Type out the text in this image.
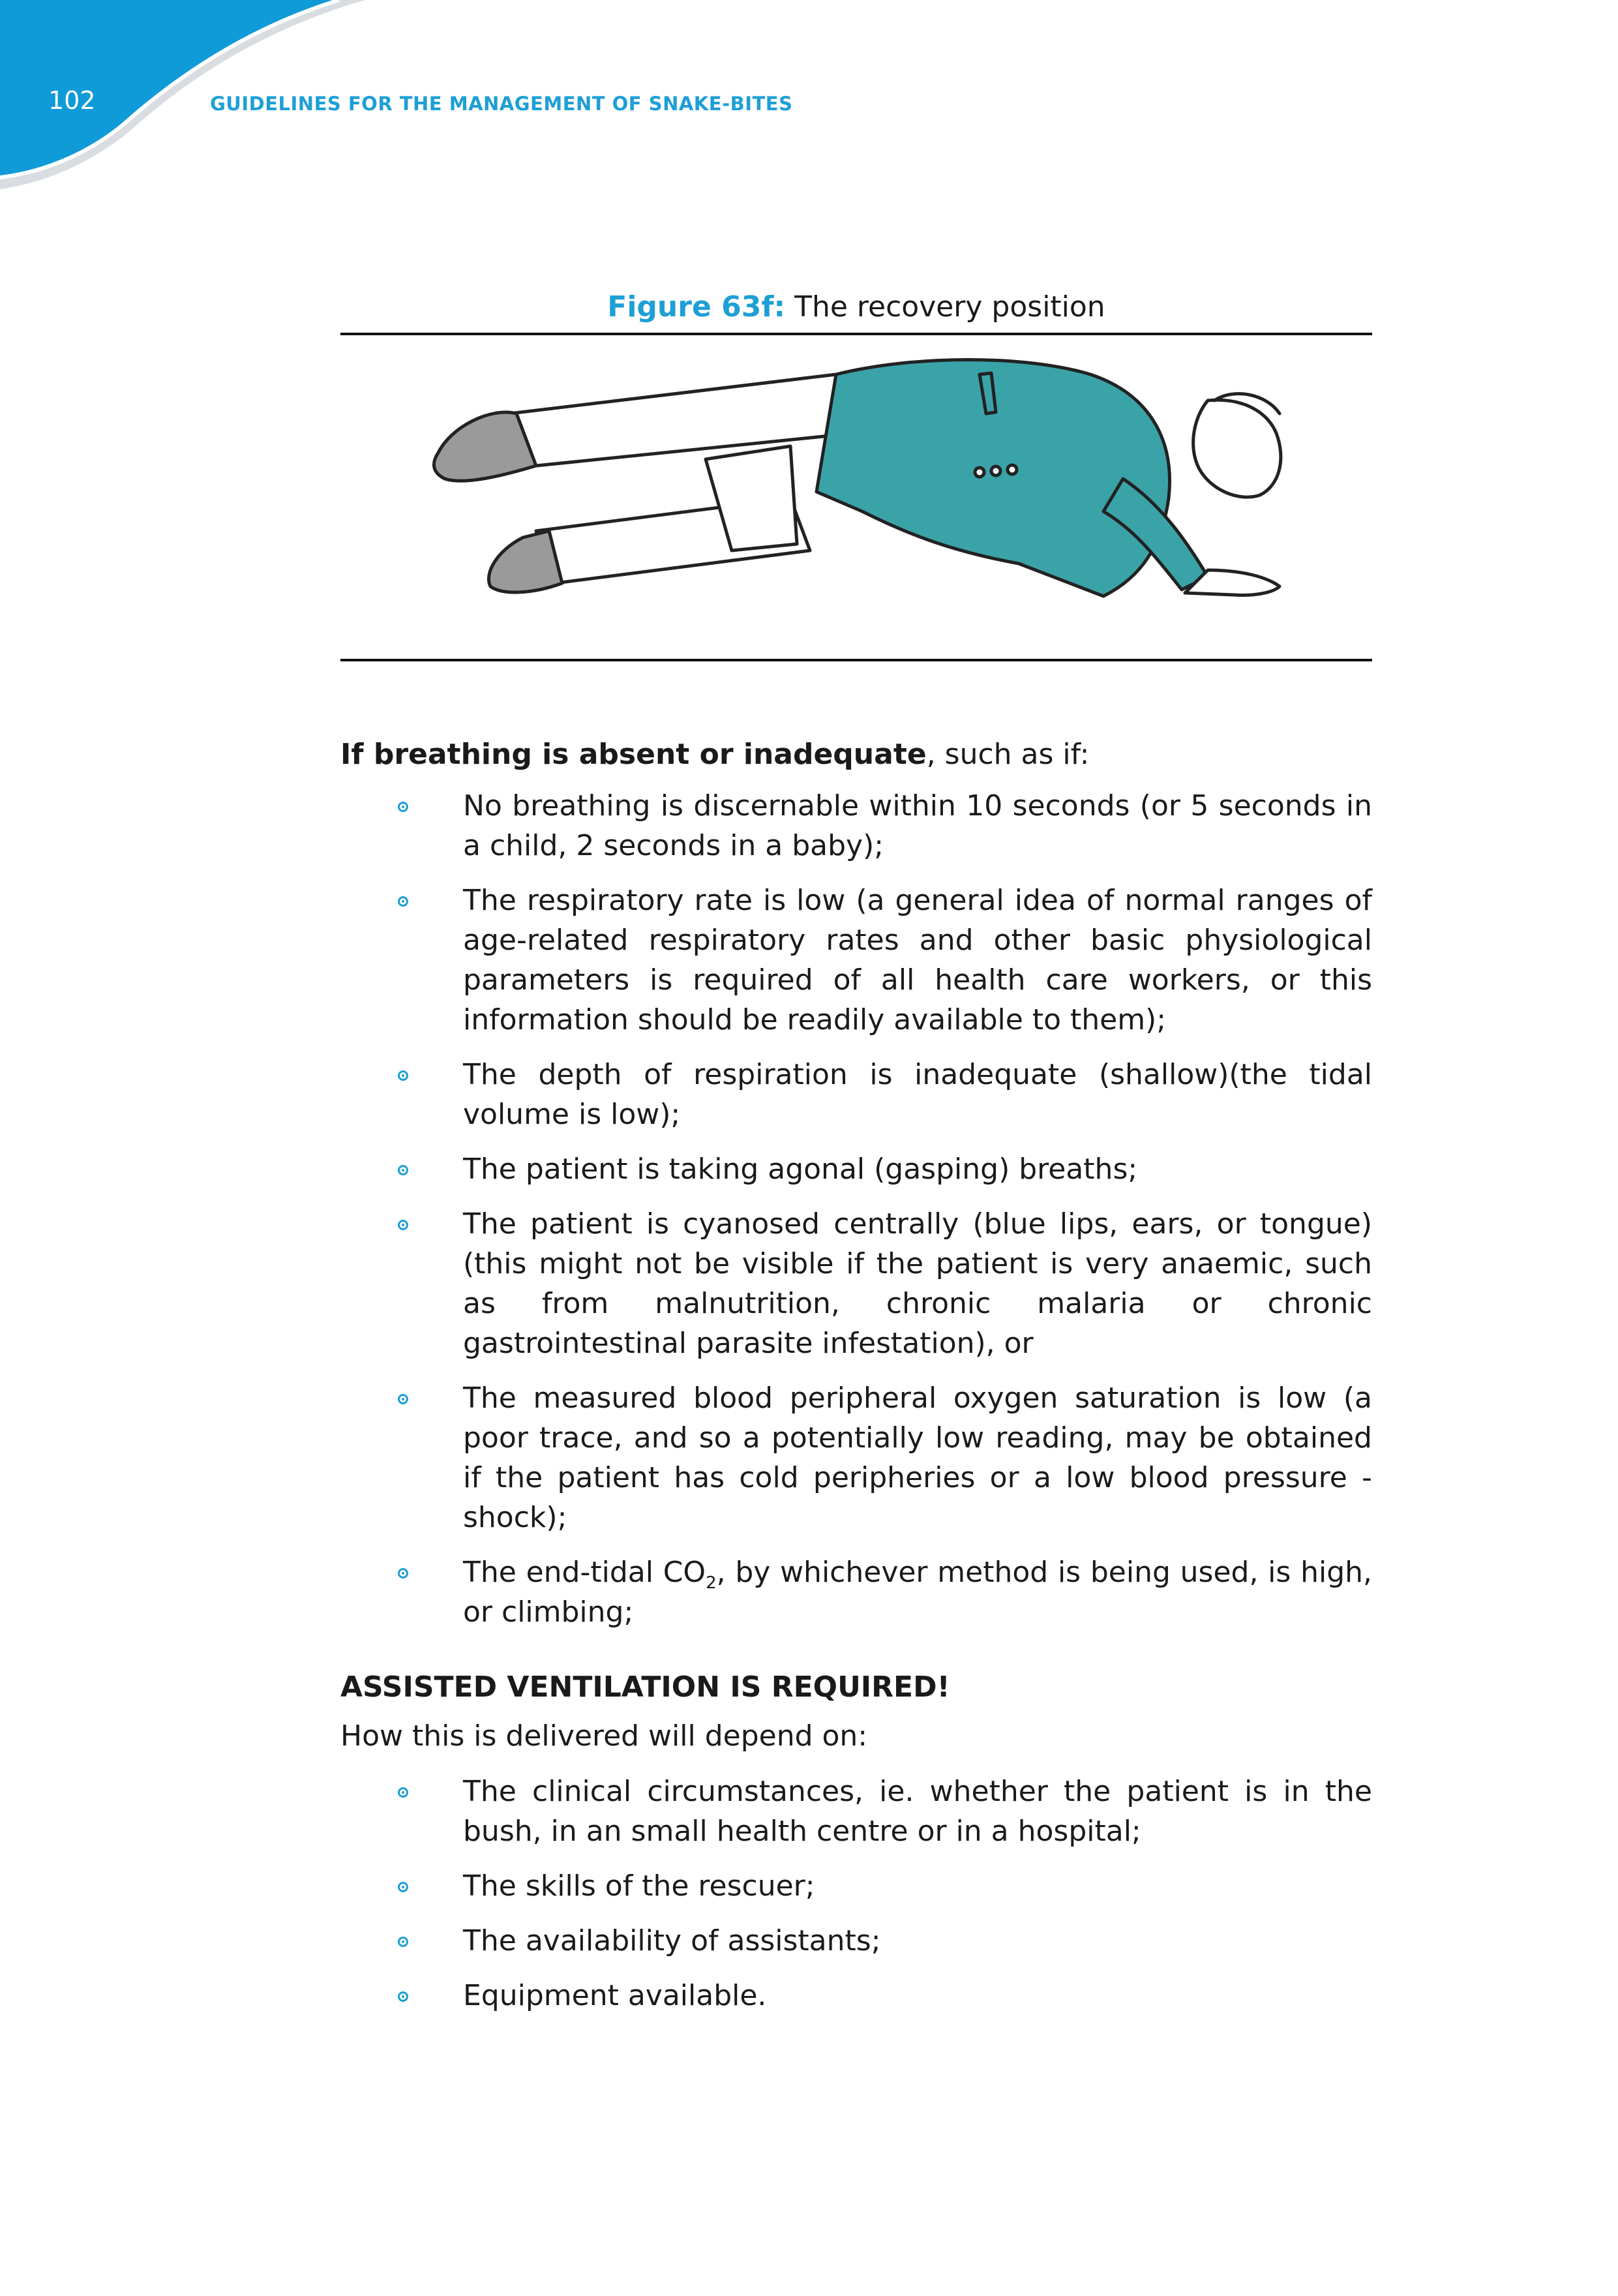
102	GUIDELINES FOR THE MANAGEMENT OF SNAKE-BITES

Figure 63f: The recovery position

If breathing is absent or inadequate, such as if:

No breathing is discernable within 10 seconds (or 5 seconds in a child, 2 seconds in a baby);
The respiratory rate is low (a general idea of normal ranges of age-related respiratory rates and other basic physiological parameters is required of all health care workers, or this information should be readily available to them);
The depth of respiration is inadequate (shallow)(the tidal volume is low);
The patient is taking agonal (gasping) breaths;
The patient is cyanosed centrally (blue lips, ears, or tongue) (this might not be visible if the patient is very anaemic, such as from malnutrition, chronic malaria or chronic gastrointestinal parasite infestation), or
The measured blood peripheral oxygen saturation is low (a poor trace, and so a potentially low reading, may be obtained if the patient has cold peripheries or a low blood pressure -shock);
The end-tidal $CO_2$, by whichever method is being used, is high, or climbing;

ASSISTED VENTILATION IS REQUIRED!

How this is delivered will depend on:

The clinical circumstances, ie. whether the patient is in the bush, in an small health centre or in a hospital;
The skills of the rescuer;
The availability of assistants;
Equipment available.
